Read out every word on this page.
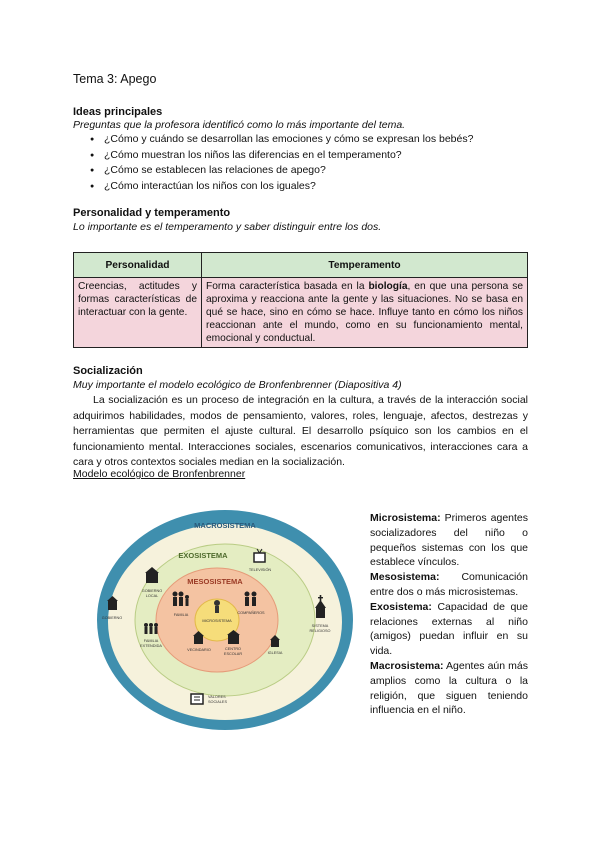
Tema 3: Apego
Ideas principales
Preguntas que la profesora identificó como lo más importante del tema.
● ¿Cómo y cuándo se desarrollan las emociones y cómo se expresan los bebés?
● ¿Cómo muestran los niños las diferencias en el temperamento?
● ¿Cómo se establecen las relaciones de apego?
● ¿Cómo interactúan los niños con los iguales?
Personalidad y temperamento
Lo importante es el temperamento y saber distinguir entre los dos.
Personalidad	Temperamento
Creencias, actitudes y formas características de interactuar con la gente.	Forma característica basada en la biología, en que una persona se aproxima y reacciona ante la gente y las situaciones. No se basa en qué se hace, sino en cómo se hace. Influye tanto en cómo los niños reaccionan ante el mundo, como en su funcionamiento mental, emocional y conductual.
Socialización
Muy importante el modelo ecológico de Bronfenbrenner (Diapositiva 4)
La socialización es un proceso de integración en la cultura, a través de la interacción social adquirimos habilidades, modos de pensamiento, valores, roles, lenguaje, afectos, destrezas y herramientas que permiten el ajuste cultural. El desarrollo psíquico son los cambios en el funcionamiento mental. Interacciones sociales, escenarios comunicativos, interacciones cara a cara y otros contextos sociales median en la socialización.
Modelo ecológico de Bronfenbrenner
MACROSISTEMA
EXOSISTEMA
MESOSISTEMA
MICROSISTEMA
FAMILIA	COMPAÑEROS
VECINDARIO	CENTRO
ESCOLAR
GOBIERNO
LOCAL
FAMILIA
EXTENDIDA
TELEVISIÓN
IGLESIA
GOBIERNO
SISTEMA
RELIGIOSO
VALORES
SOCIALES

Microsistema: Primeros agentes socializadores del niño o pequeños sistemas con los que establece vínculos.

Mesosistema: Comunicación entre dos o más microsistemas.

Exosistema: Capacidad de que relaciones externas al niño (amigos) puedan influir en su vida.

Macrosistema: Agentes aún más amplios como la cultura o la religión, que siguen teniendo influencia en el niño.
